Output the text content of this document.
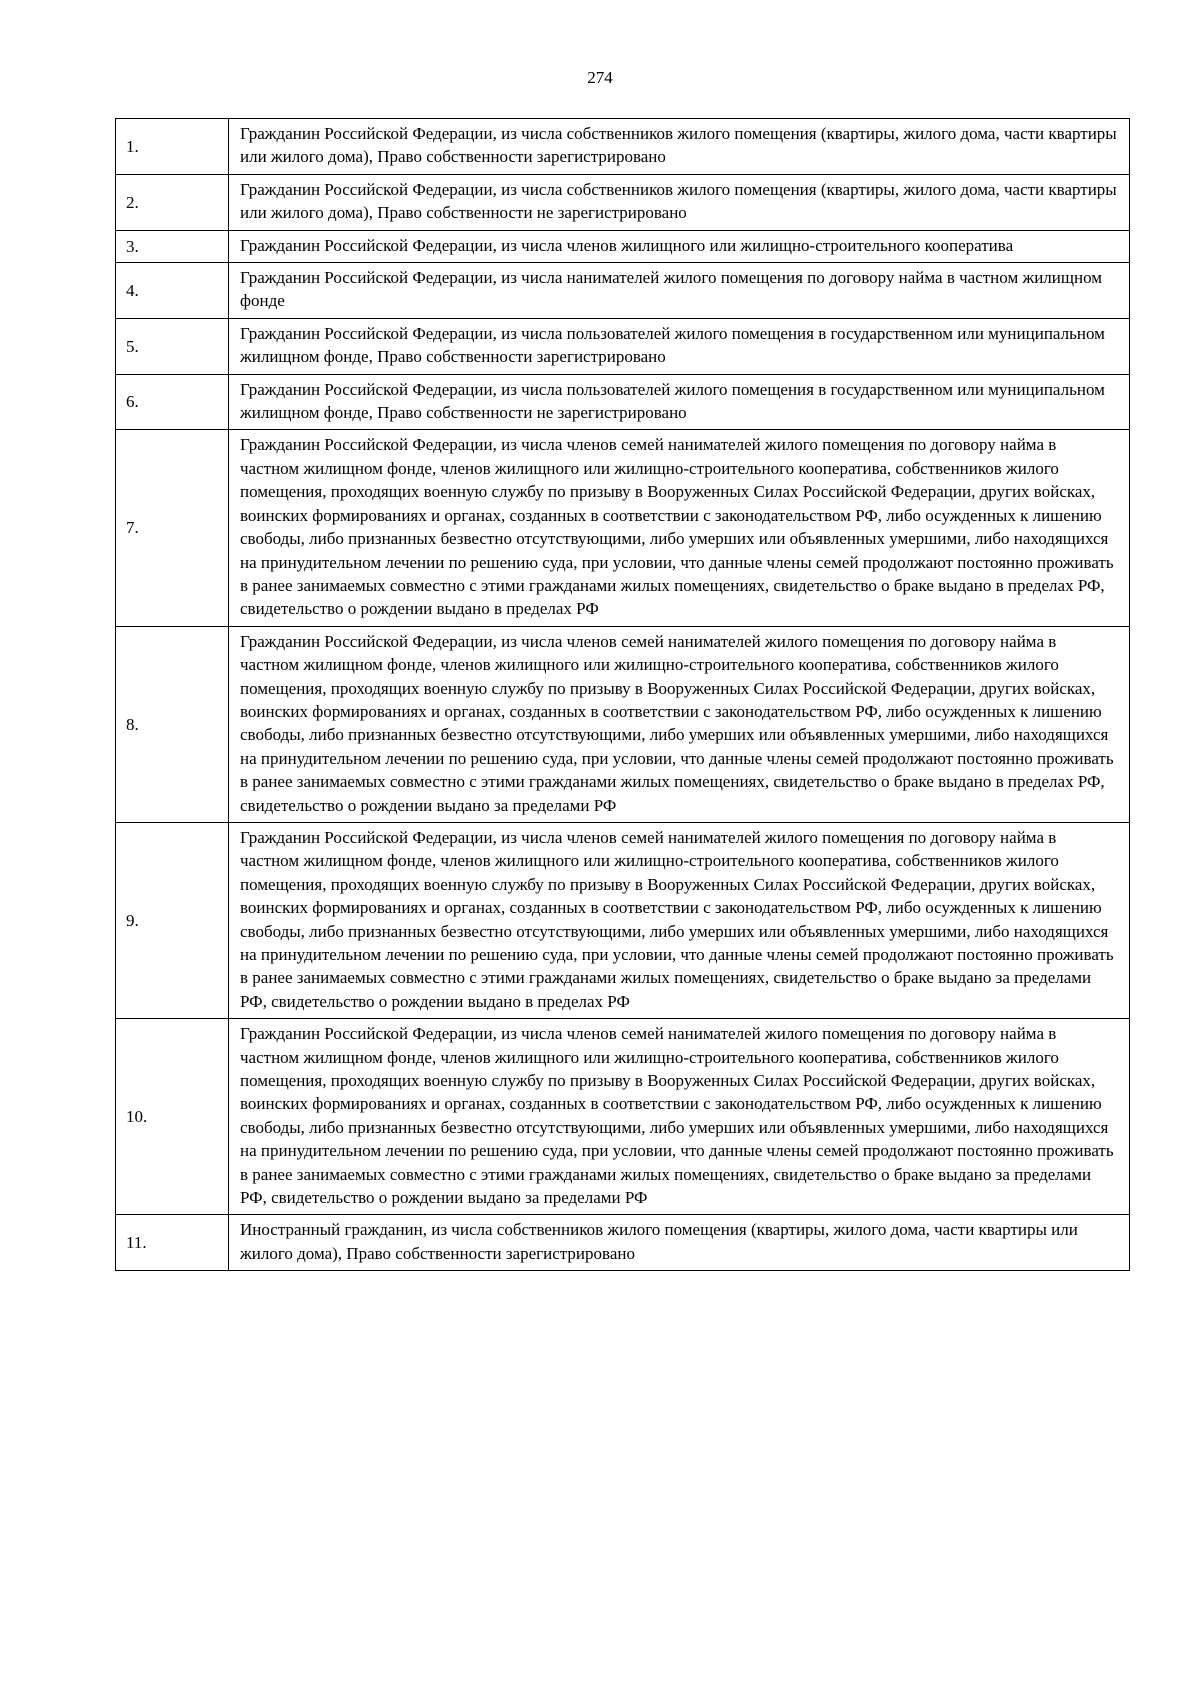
274
1.	Гражданин Российской Федерации, из числа собственников жилого помещения (квартиры, жилого дома, части квартиры или жилого дома), Право собственности зарегистрировано
2.	Гражданин Российской Федерации, из числа собственников жилого помещения (квартиры, жилого дома, части квартиры или жилого дома), Право собственности не зарегистрировано
3.	Гражданин Российской Федерации, из числа членов жилищного или жилищно-строительного кооператива
4.	Гражданин Российской Федерации, из числа нанимателей жилого помещения по договору найма в частном жилищном фонде
5.	Гражданин Российской Федерации, из числа пользователей жилого помещения в государственном или муниципальном жилищном фонде, Право собственности зарегистрировано
6.	Гражданин Российской Федерации, из числа пользователей жилого помещения в государственном или муниципальном жилищном фонде, Право собственности не зарегистрировано
7.	Гражданин Российской Федерации, из числа членов семей нанимателей жилого помещения по договору найма в частном жилищном фонде, членов жилищного или жилищно-строительного кооператива, собственников жилого помещения, проходящих военную службу по призыву в Вооруженных Силах Российской Федерации, других войсках, воинских формированиях и органах, созданных в соответствии с законодательством РФ, либо осужденных к лишению свободы, либо признанных безвестно отсутствующими, либо умерших или объявленных умершими, либо находящихся на принудительном лечении по решению суда, при условии, что данные члены семей продолжают постоянно проживать в ранее занимаемых совместно с этими гражданами жилых помещениях, свидетельство о браке выдано в пределах РФ, свидетельство о рождении выдано в пределах РФ
8.	Гражданин Российской Федерации, из числа членов семей нанимателей жилого помещения по договору найма в частном жилищном фонде, членов жилищного или жилищно-строительного кооператива, собственников жилого помещения, проходящих военную службу по призыву в Вооруженных Силах Российской Федерации, других войсках, воинских формированиях и органах, созданных в соответствии с законодательством РФ, либо осужденных к лишению свободы, либо признанных безвестно отсутствующими, либо умерших или объявленных умершими, либо находящихся на принудительном лечении по решению суда, при условии, что данные члены семей продолжают постоянно проживать в ранее занимаемых совместно с этими гражданами жилых помещениях, свидетельство о браке выдано в пределах РФ, свидетельство о рождении выдано за пределами РФ
9.	Гражданин Российской Федерации, из числа членов семей нанимателей жилого помещения по договору найма в частном жилищном фонде, членов жилищного или жилищно-строительного кооператива, собственников жилого помещения, проходящих военную службу по призыву в Вооруженных Силах Российской Федерации, других войсках, воинских формированиях и органах, созданных в соответствии с законодательством РФ, либо осужденных к лишению свободы, либо признанных безвестно отсутствующими, либо умерших или объявленных умершими, либо находящихся на принудительном лечении по решению суда, при условии, что данные члены семей продолжают постоянно проживать в ранее занимаемых совместно с этими гражданами жилых помещениях, свидетельство о браке выдано за пределами РФ, свидетельство о рождении выдано в пределах РФ
10.	Гражданин Российской Федерации, из числа членов семей нанимателей жилого помещения по договору найма в частном жилищном фонде, членов жилищного или жилищно-строительного кооператива, собственников жилого помещения, проходящих военную службу по призыву в Вооруженных Силах Российской Федерации, других войсках, воинских формированиях и органах, созданных в соответствии с законодательством РФ, либо осужденных к лишению свободы, либо признанных безвестно отсутствующими, либо умерших или объявленных умершими, либо находящихся на принудительном лечении по решению суда, при условии, что данные члены семей продолжают постоянно проживать в ранее занимаемых совместно с этими гражданами жилых помещениях, свидетельство о браке выдано за пределами РФ, свидетельство о рождении выдано за пределами РФ
11.	Иностранный гражданин, из числа собственников жилого помещения (квартиры, жилого дома, части квартиры или жилого дома), Право собственности зарегистрировано
